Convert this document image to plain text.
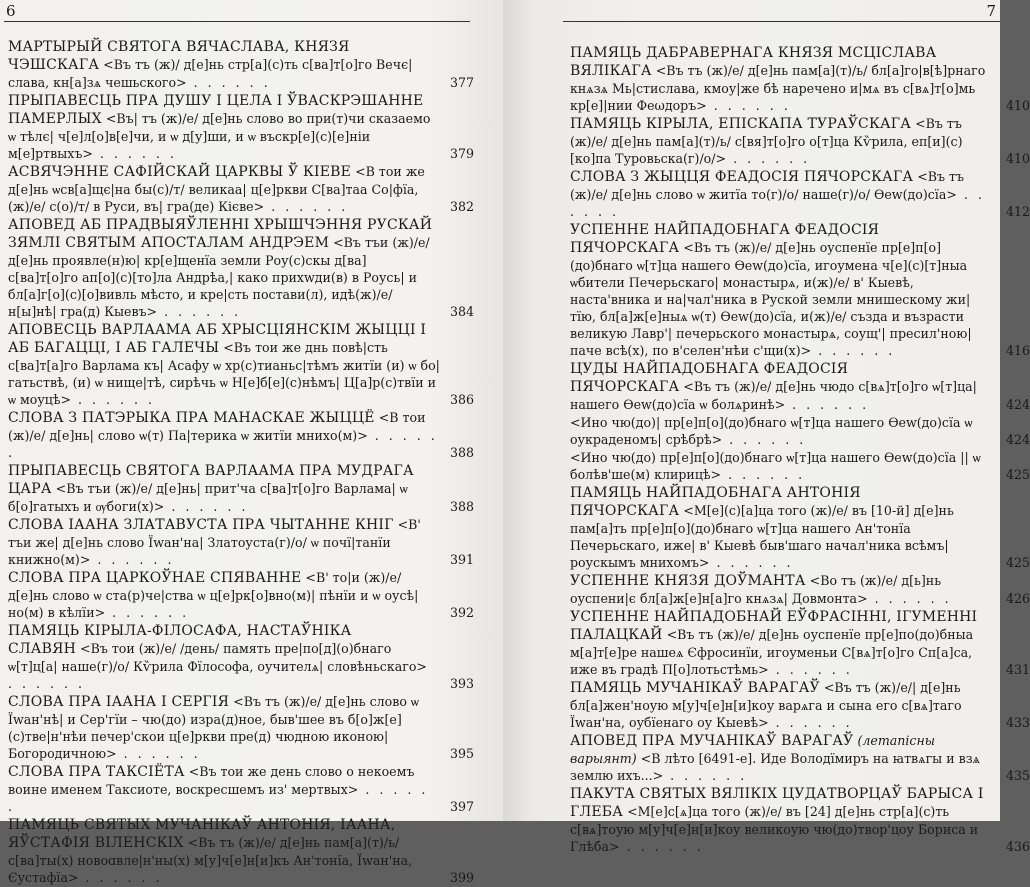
6
МАРТЫРЫЙ СВЯТОГА ВЯЧАСЛАВА, КНЯЗЯ ЧЭШСКАГА <Въ тъ (ж)/ д[е]нь стр[а](с)ть с[ва]т[о]го Вечє|слава, кн[а]зѧ чешьского> . . . . . .	377
ПРЫПАВЕСЦЬ ПРА ДУШУ І ЦЕЛА І ЎВАСКРЭШАННЕ ПАМЕРЛЫХ <Въ| тъ (ж)/е/ д[е]нь слово во при(т)чи сказаемо ѡ тѣлє| ч[е]л[о]в[е]чи, и ѡ д[у]ши, и ѡ въскр[е](с)[е]ніи м[е]ртвыхъ> . . . . . .	379
АСВЯЧЭННЕ САФІЙСКАЙ ЦАРКВЫ Ў КІЕВЕ <В тои же д[е]нь ѡсв[а]щє|на бы(с)/т/ великаа| ц[е]ркви С[ва]таа Со|фїа, (ж)/е/ с(о)/т/ в Руси, въ| гра(де) Кієве> . . . . . .	382
АПОВЕД АБ ПРАДВЫЯЎЛЕННІ ХРЫШЧЭННЯ РУСКАЙ ЗЯМЛІ СВЯТЫМ АПОСТАЛАМ АНДРЭЕМ <Въ тъи (ж)/е/ д[е]нь проявле(н)ю| кр[е]щенїа земли Роу(с)скы д[ва] с[ва]т[о]го ап[о](с)[то]ла Андрѣа,| како прихwди(в) в Роусь| и бл[а]г[о](с)[о]вивль мѣсто, и кре|сть постави(л), идѣ(ж)/е/ н[ы]нѣ| гра(д) Кыевъ> . . . . . .	384
АПОВЕСЦЬ ВАРЛААМА АБ ХРЫСЦІЯНСКІМ ЖЫЦЦІ І АБ БАГАЦЦІ, І АБ ГАЛЕЧЫ <Въ тои же днь повѣ|сть с[ва]т[а]го Варлама къ| Асафу ѡ хр(с)тианьс|тѣмъ житїи (и) ѡ бо|гатьствѣ, (и) ѡ нище|тѣ, сирѣчь ѡ Н[е]б[е](с)нѣмъ| Ц[а]р(с)твїи и ѡ моуцѣ> . . . . . .	386
СЛОВА З ПАТЭРЫКА ПРА МАНАСКАЕ ЖЫЦЦЁ <В тои (ж)/е/ д[е]нь| слово ѡ(т) Па|терика ѡ житїи мнихо(м)> . . . . . .	388
ПРЫПАВЕСЦЬ СВЯТОГА ВАРЛААМА ПРА МУДРАГА ЦАРА <Въ тъи (ж)/е/ д[е]нь| прит'ча с[ва]т[о]го Варлама| ѡ б[о]гатыхъ и ѹбоги(х)> . . . . . .	388
СЛОВА ІААНА ЗЛАТАВУСТА ПРА ЧЫТАННЕ КНІГ <В' тъи же| д[е]нь слово Їwан'на| Златоуста(г)/о/ ѡ почї|танїи книжно(м)> . . . . . .	391
СЛОВА ПРА ЦАРКОЎНАЕ СПЯВАННЕ <В' то|и (ж)/е/ д[е]нь слово ѡ ста(р)че|ства ѡ ц[е]рк[о]вно(м)| пѣнїи и ѡ оусѣ|но(м) в кѣлїи> . . . . . .	392
ПАМЯЦЬ КІРЫЛА-ФІЛОСАФА, НАСТАЎНІКА СЛАВЯН <Въ тои (ж)/е/ /день/ память пре|по[д](о)бнаго ѡ[т]ц[а| наше(г)/о/ Кѷрила Фїлософа, оучителѧ| словѣньскаго> . . . . . .	393
СЛОВА ПРА ІААНА І СЕРГІЯ <Въ тъ (ж)/е/ д[е]нь слово ѡ Їwан'нѣ| и Сер'гїи – чю(до) изра(д)ное, быв'шее въ б[о]ж[е](с)тве|н'нѣи печер'скои ц[е]ркви пре(д) чюдною иконою| Богородичною> . . . . . .	395
СЛОВА ПРА ТАКСІЁТА <Въ тои же день слово о некоемъ воине именем Таксиоте, воскресшемъ из' мертвых> . . . . . .	397
ПАМЯЦЬ СВЯТЫХ МУЧАНІКАЎ АНТОНІЯ, ІААНА, ЯЎСТАФІЯ ВІЛЕНСКІХ <Въ тъ (ж)/е/ д[е]нь пам[а](т)/ь/ с[ва]ты(х) новоɑвле|н'ны(х) м[у]ч[е]н[и]къ Ан'тонїа, Їwан'на, Єустафїа> . . . . . .	399
7
ПАМЯЦЬ ДАБРАВЕРНАГА КНЯЗЯ МСЦІСЛАВА ВЯЛІКАГА <Въ тъ (ж)/е/ д[е]нь пам[а](т)/ь/ бл[а]го|в[ѣ]рнаго кнѧзѧ Мь|стислава, кмоу|же бѣ наречено и|мѧ въ с[вѧ]т[о]мь кр[е]|нии Феωдоръ> . . . . . .	410
ПАМЯЦЬ КІРЫЛА, ЕПІСКАПА ТУРАЎСКАГА <Въ тъ (ж)/е/ д[е]нь пам[а](т)/ь/ с[вя]т[о]го о[т]ца Кѷрила, еп[и](с)[ко]па Туровьска(г)/о/> . . . . . .	410
СЛОВА З ЖЫЦЦЯ ФЕАДОСІЯ ПЯЧОРСКАГА <Въ тъ (ж)/е/ д[е]нь слово ѡ житїа то(г)/о/ наше(г)/о/ Ѳеw(до)сїа> . . . . . .	412
УСПЕННЕ НАЙПАДОБНАГА ФЕАДОСІЯ ПЯЧОРСКАГА <Въ тъ (ж)/е/ д[е]нь оуспенїе пр[е]п[о](до)бнаго ѡ[т]ца нашего Ѳеw(до)сїа, игоумена ч[е](с)[т]ныа ѡбители Печерьскаго| монастырѧ, и(ж)/е/ в' Кыевѣ, наста'вника и на|чал'ника в Руской земли мнишескому жи|тїю, бл[а]ж[е]ныѧ ѡ(т) Ѳеw(до)сїа, и(ж)/е/ създа и възрасти великую Лавр'| печерьского монастырѧ, соущ'| пресил'ною| паче всѣ(х), по в'селен'нѣи с'щи(х)> . . . . . .	416
ЦУДЫ НАЙПАДОБНАГА ФЕАДОСІЯ ПЯЧОРСКАГА <Въ тъ (ж)/е/ д[е]нь чюдо с[вѧ]т[о]го ѡ[т]ца| нашего Ѳеw(до)сїа ѡ болѧринѣ> . . . . . .	424
<Ино чю(до)| пр[е]п[о](до)бнаго ѡ[т]ца нашего Ѳеw(до)сїа ѡ оукраденомъ| срѣбрѣ> . . . . . .	424
<Ино чю(до) пр[е]п[о](до)бнаго ѡ[т]ца нашего Ѳеw(до)сїа || ѡ болѣв'ше(м) клирицѣ> . . . . . .	425
ПАМЯЦЬ НАЙПАДОБНАГА АНТОНІЯ ПЯЧОРСКАГА <М[е](с)[а]ца того (ж)/е/ въ [10-й] д[е]нь пам[а]ть пр[е]п[о](до)бнаго ѡ[т]ца нашего Ан'тонїа Печерьскаго, иже| в' Кыевѣ быв'шаго начал'ника всѣмъ| роускымъ мнихомъ> . . . . . .	425
УСПЕННЕ КНЯЗЯ ДОЎМАНТА <Во тъ (ж)/е/ д[ь]нь оуспени|є бл[а]ж[е]н[а]го кнѧзѧ| Довмонта> . . . . . .	426
УСПЕННЕ НАЙПАДОБНАЙ ЕЎФРАСІННІ, ІГУМЕННІ ПАЛАЦКАЙ <Въ тъ (ж)/е/ д[е]нь оуспенїе пр[е]по(до)бныа м[а]т[е]ре нашеѧ Єфросинїи, игоуменьи С[вѧ]т[о]го Сп[а]са, иже въ градѣ П[о]лотьстѣмь> . . . . . .	431
ПАМЯЦЬ МУЧАНІКАЎ ВАРАГАЎ <Въ тъ (ж)/е/| д[е]нь бл[а]жен'ноую м[у]ч[е]н[и]коу варѧга и сына его с[вѧ]таго Їwан'на, оубїенаго оу Кыевѣ> . . . . . .	433
АПОВЕД ПРА МУЧАНІКАЎ ВАРАГАЎ (летапісны варыянт) <В лѣто [6491-е]. Иде Володїмиръ на ꙗтвѧгы и взѧ землю ихъ...> . . . . . .	435
ПАКУТА СВЯТЫХ ВЯЛІКІХ ЦУДАТВОРЦАЎ БАРЫСА І ГЛЕБА <М[е]с[ѧ]ца того (ж)/е/ въ [24] д[е]нь стр[а](с)ть с[вѧ]тоую м[у]ч[е]н[и]коу великоую чю(до)твор'цоу Бориса и Глѣба> . . . . . .	436
